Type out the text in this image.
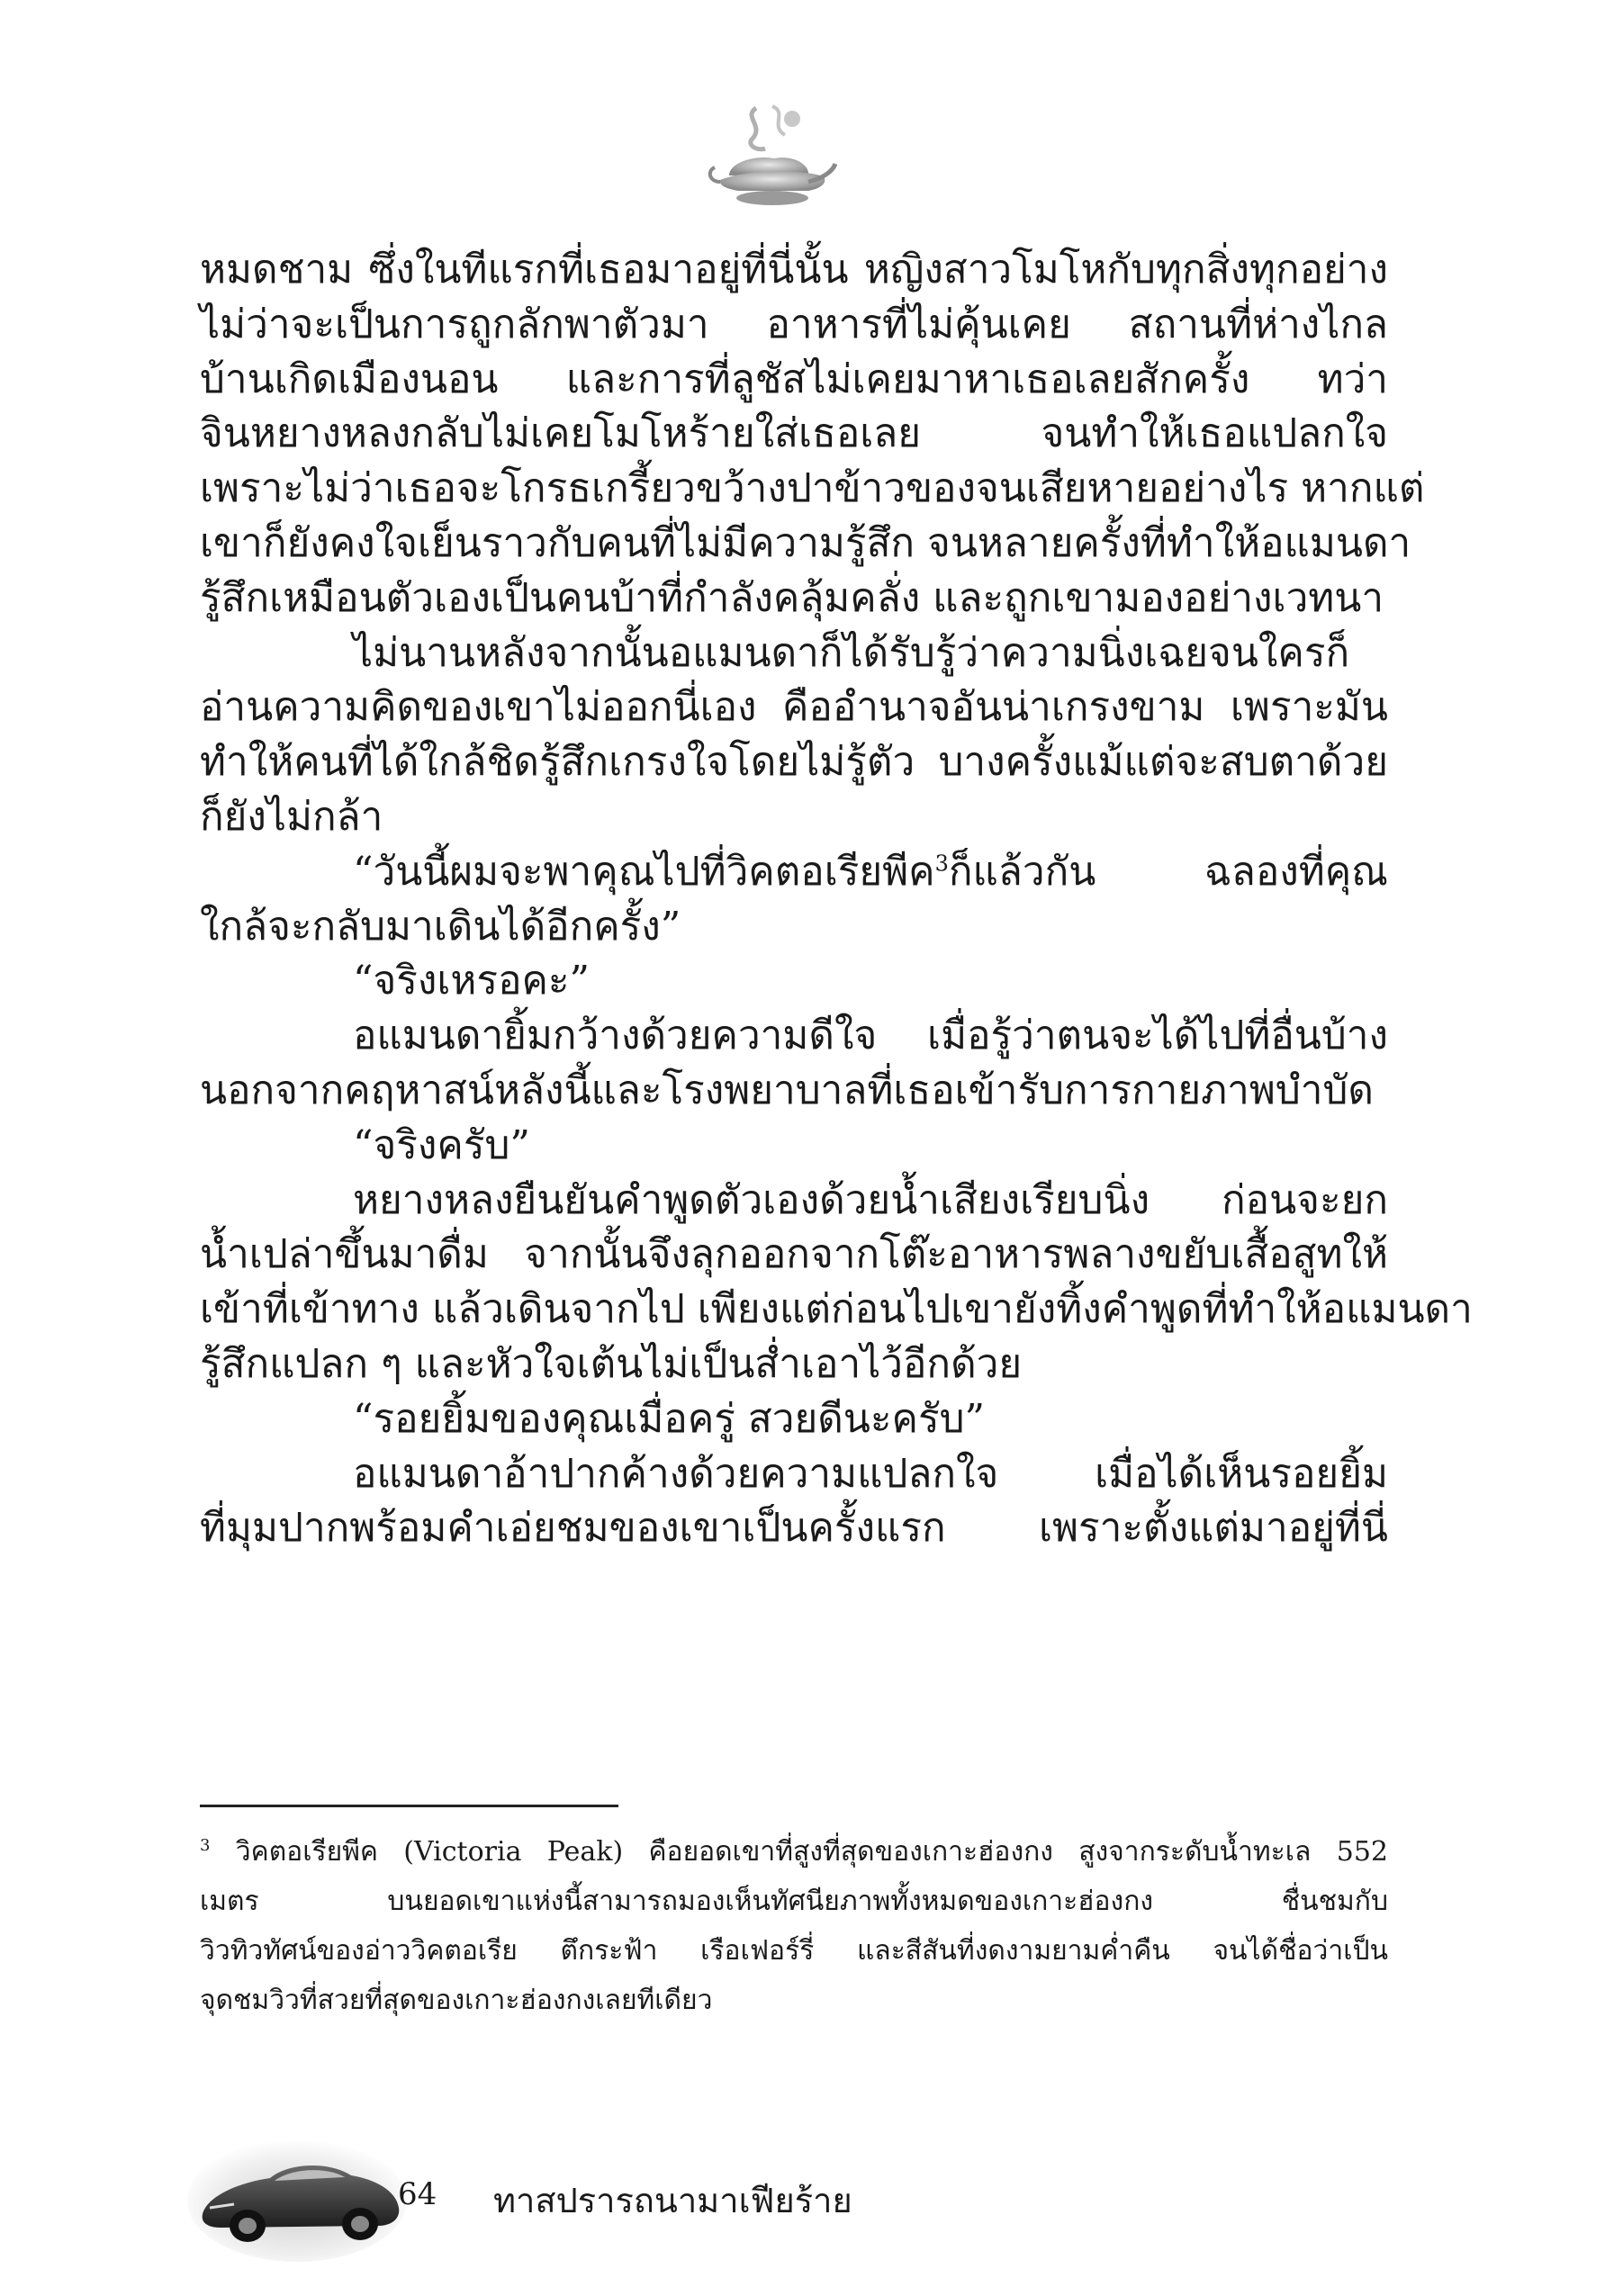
หมดชาม ซึ่งในทีแรกที่เธอมาอยู่ที่นี่นั้น หญิงสาวโมโหกับทุกสิ่งทุกอย่าง
ไม่ว่าจะเป็นการถูกลักพาตัวมา อาหารที่ไม่คุ้นเคย สถานที่ห่างไกล
บ้านเกิดเมืองนอน และการที่ลูชัสไม่เคยมาหาเธอเลยสักครั้ง ทว่า
จินหยางหลงกลับไม่เคยโมโหร้ายใส่เธอเลย จนทำให้เธอแปลกใจ
เพราะไม่ว่าเธอจะโกรธเกรี้ยวขว้างปาข้าวของจนเสียหายอย่างไร หากแต่
เขาก็ยังคงใจเย็นราวกับคนที่ไม่มีความรู้สึก จนหลายครั้งที่ทำให้อแมนดา
รู้สึกเหมือนตัวเองเป็นคนบ้าที่กำลังคลุ้มคลั่ง และถูกเขามองอย่างเวทนา
ไม่นานหลังจากนั้นอแมนดาก็ได้รับรู้ว่าความนิ่งเฉยจนใครก็
อ่านความคิดของเขาไม่ออกนี่เอง คืออำนาจอันน่าเกรงขาม เพราะมัน
ทำให้คนที่ได้ใกล้ชิดรู้สึกเกรงใจโดยไม่รู้ตัว บางครั้งแม้แต่จะสบตาด้วย
ก็ยังไม่กล้า
“วันนี้ผมจะพาคุณไปที่วิคตอเรียพีค$^3$ก็แล้วกัน ฉลองที่คุณ
ใกล้จะกลับมาเดินได้อีกครั้ง”
“จริงเหรอคะ”
อแมนดายิ้มกว้างด้วยความดีใจ เมื่อรู้ว่าตนจะได้ไปที่อื่นบ้าง
นอกจากคฤหาสน์หลังนี้และโรงพยาบาลที่เธอเข้ารับการกายภาพบำบัด
“จริงครับ”
หยางหลงยืนยันคำพูดตัวเองด้วยน้ำเสียงเรียบนิ่ง ก่อนจะยก
น้ำเปล่าขึ้นมาดื่ม จากนั้นจึงลุกออกจากโต๊ะอาหารพลางขยับเสื้อสูทให้
เข้าที่เข้าทาง แล้วเดินจากไป เพียงแต่ก่อนไปเขายังทิ้งคำพูดที่ทำให้อแมนดา
รู้สึกแปลก ๆ และหัวใจเต้นไม่เป็นส่ำเอาไว้อีกด้วย
“รอยยิ้มของคุณเมื่อครู่ สวยดีนะครับ”
อแมนดาอ้าปากค้างด้วยความแปลกใจ เมื่อได้เห็นรอยยิ้ม
ที่มุมปากพร้อมคำเอ่ยชมของเขาเป็นครั้งแรก เพราะตั้งแต่มาอยู่ที่นี่
$^3$ วิคตอเรียพีค (Victoria Peak) คือยอดเขาที่สูงที่สุดของเกาะฮ่องกง สูงจากระดับน้ำทะเล 552
เมตร บนยอดเขาแห่งนี้สามารถมองเห็นทัศนียภาพทั้งหมดของเกาะฮ่องกง ชื่นชมกับ
วิวทิวทัศน์ของอ่าววิคตอเรีย ตึกระฟ้า เรือเฟอร์รี่ และสีสันที่งดงามยามค่ำคืน จนได้ชื่อว่าเป็น
จุดชมวิวที่สวยที่สุดของเกาะฮ่องกงเลยทีเดียว
64 ทาสปรารถนามาเฟียร้าย
